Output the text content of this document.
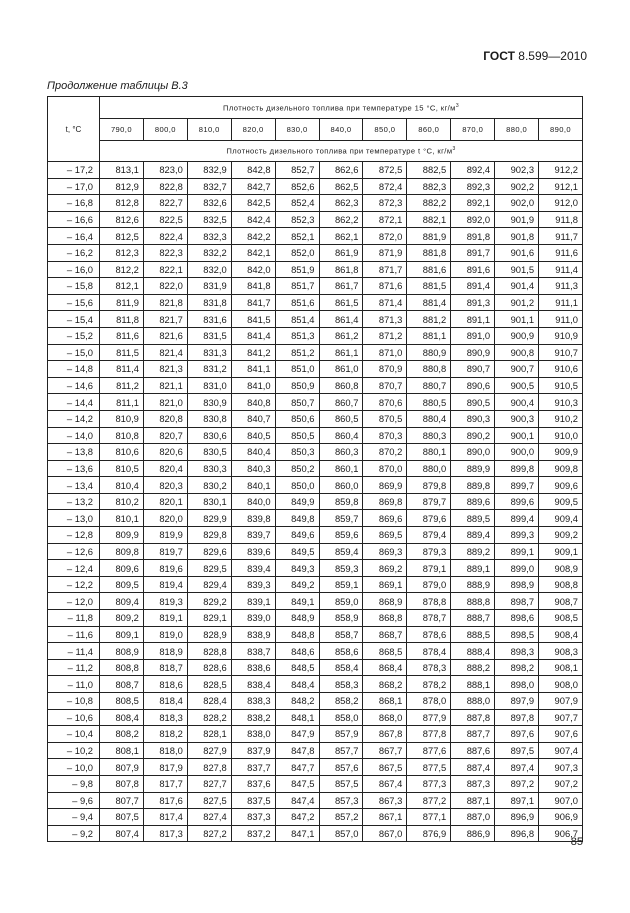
ГОСТ 8.599—2010
Продолжение таблицы В.3
t, °C	Плотность дизельного топлива при температуре 15 °С, $кг/м^3$
	790,0	800,0	810,0	820,0	830,0	840,0	850,0	860,0	870,0	880,0	890,0
	Плотность дизельного топлива при температуре t °С, $кг/м^3$
– 17,2	813,1	823,0	832,9	842,8	852,7	862,6	872,5	882,5	892,4	902,3	912,2
– 17,0	812,9	822,8	832,7	842,7	852,6	862,5	872,4	882,3	892,3	902,2	912,1
– 16,8	812,8	822,7	832,6	842,5	852,4	862,3	872,3	882,2	892,1	902,0	912,0
– 16,6	812,6	822,5	832,5	842,4	852,3	862,2	872,1	882,1	892,0	901,9	911,8
– 16,4	812,5	822,4	832,3	842,2	852,1	862,1	872,0	881,9	891,8	901,8	911,7
– 16,2	812,3	822,3	832,2	842,1	852,0	861,9	871,9	881,8	891,7	901,6	911,6
– 16,0	812,2	822,1	832,0	842,0	851,9	861,8	871,7	881,6	891,6	901,5	911,4
– 15,8	812,1	822,0	831,9	841,8	851,7	861,7	871,6	881,5	891,4	901,4	911,3
– 15,6	811,9	821,8	831,8	841,7	851,6	861,5	871,4	881,4	891,3	901,2	911,1
– 15,4	811,8	821,7	831,6	841,5	851,4	861,4	871,3	881,2	891,1	901,1	911,0
– 15,2	811,6	821,6	831,5	841,4	851,3	861,2	871,2	881,1	891,0	900,9	910,9
– 15,0	811,5	821,4	831,3	841,2	851,2	861,1	871,0	880,9	890,9	900,8	910,7
– 14,8	811,4	821,3	831,2	841,1	851,0	861,0	870,9	880,8	890,7	900,7	910,6
– 14,6	811,2	821,1	831,0	841,0	850,9	860,8	870,7	880,7	890,6	900,5	910,5
– 14,4	811,1	821,0	830,9	840,8	850,7	860,7	870,6	880,5	890,5	900,4	910,3
– 14,2	810,9	820,8	830,8	840,7	850,6	860,5	870,5	880,4	890,3	900,3	910,2
– 14,0	810,8	820,7	830,6	840,5	850,5	860,4	870,3	880,3	890,2	900,1	910,0
– 13,8	810,6	820,6	830,5	840,4	850,3	860,3	870,2	880,1	890,0	900,0	909,9
– 13,6	810,5	820,4	830,3	840,3	850,2	860,1	870,0	880,0	889,9	899,8	909,8
– 13,4	810,4	820,3	830,2	840,1	850,0	860,0	869,9	879,8	889,8	899,7	909,6
– 13,2	810,2	820,1	830,1	840,0	849,9	859,8	869,8	879,7	889,6	899,6	909,5
– 13,0	810,1	820,0	829,9	839,8	849,8	859,7	869,6	879,6	889,5	899,4	909,4
– 12,8	809,9	819,9	829,8	839,7	849,6	859,6	869,5	879,4	889,4	899,3	909,2
– 12,6	809,8	819,7	829,6	839,6	849,5	859,4	869,3	879,3	889,2	899,1	909,1
– 12,4	809,6	819,6	829,5	839,4	849,3	859,3	869,2	879,1	889,1	899,0	908,9
– 12,2	809,5	819,4	829,4	839,3	849,2	859,1	869,1	879,0	888,9	898,9	908,8
– 12,0	809,4	819,3	829,2	839,1	849,1	859,0	868,9	878,8	888,8	898,7	908,7
– 11,8	809,2	819,1	829,1	839,0	848,9	858,9	868,8	878,7	888,7	898,6	908,5
– 11,6	809,1	819,0	828,9	838,9	848,8	858,7	868,7	878,6	888,5	898,5	908,4
– 11,4	808,9	818,9	828,8	838,7	848,6	858,6	868,5	878,4	888,4	898,3	908,3
– 11,2	808,8	818,7	828,6	838,6	848,5	858,4	868,4	878,3	888,2	898,2	908,1
– 11,0	808,7	818,6	828,5	838,4	848,4	858,3	868,2	878,2	888,1	898,0	908,0
– 10,8	808,5	818,4	828,4	838,3	848,2	858,2	868,1	878,0	888,0	897,9	907,9
– 10,6	808,4	818,3	828,2	838,2	848,1	858,0	868,0	877,9	887,8	897,8	907,7
– 10,4	808,2	818,2	828,1	838,0	847,9	857,9	867,8	877,8	887,7	897,6	907,6
– 10,2	808,1	818,0	827,9	837,9	847,8	857,7	867,7	877,6	887,6	897,5	907,4
– 10,0	807,9	817,9	827,8	837,7	847,7	857,6	867,5	877,5	887,4	897,4	907,3
– 9,8	807,8	817,7	827,7	837,6	847,5	857,5	867,4	877,3	887,3	897,2	907,2
– 9,6	807,7	817,6	827,5	837,5	847,4	857,3	867,3	877,2	887,1	897,1	907,0
– 9,4	807,5	817,4	827,4	837,3	847,2	857,2	867,1	877,1	887,0	896,9	906,9
– 9,2	807,4	817,3	827,2	837,2	847,1	857,0	867,0	876,9	886,9	896,8	906,7
85
